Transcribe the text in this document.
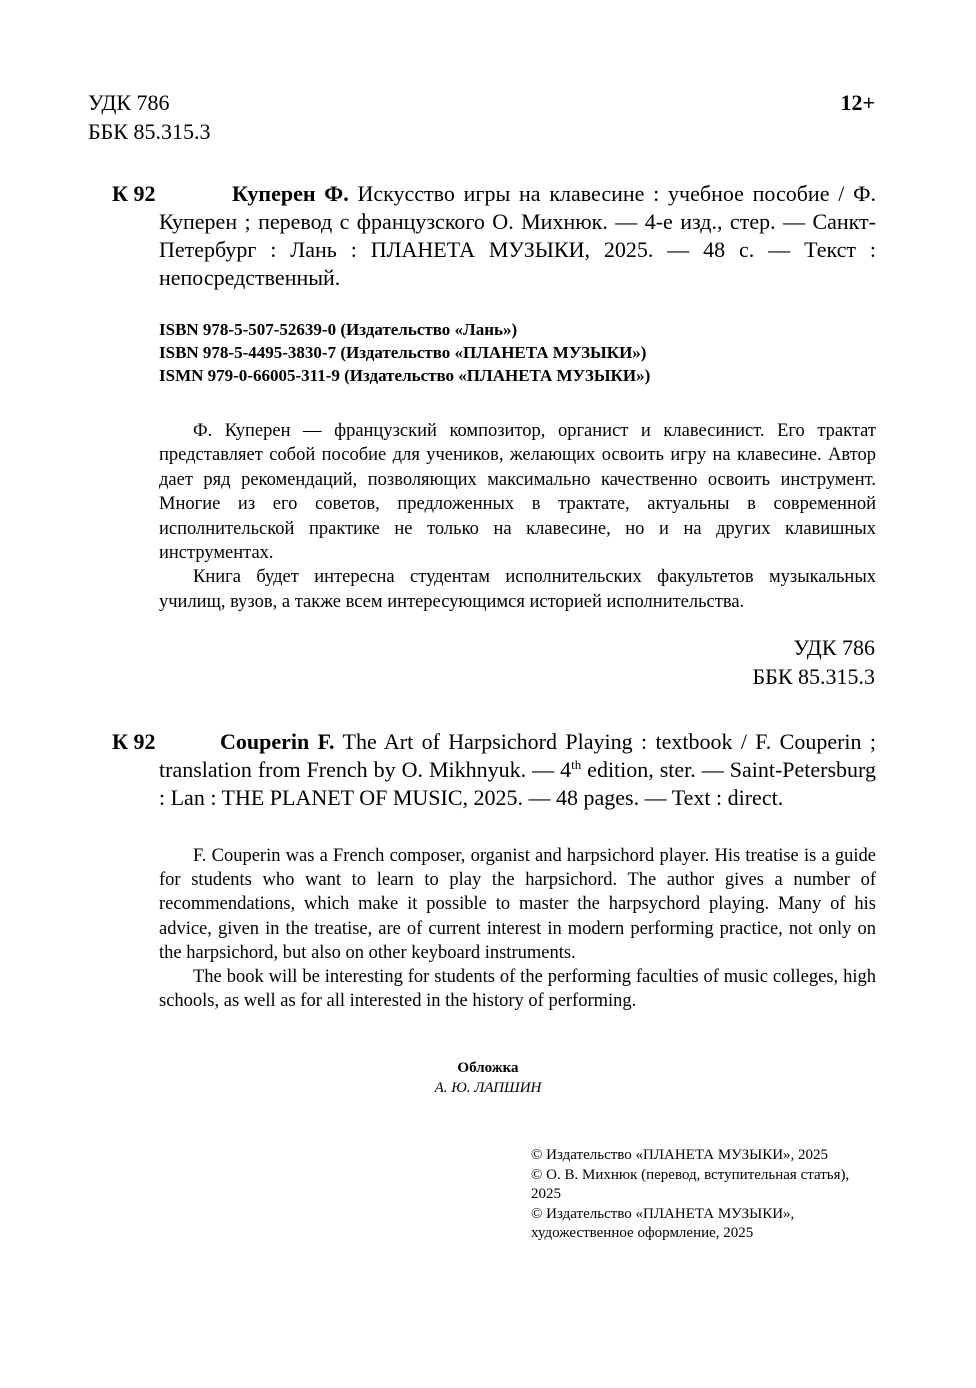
УДК 786
ББК 85.315.3
12+
К 92	Куперен Ф. Искусство игры на клавесине : учебное пособие / Ф. Куперен ; перевод с французского О. Михнюк. — 4-е изд., стер. — Санкт-Петербург : Лань : ПЛАНЕТА МУЗЫКИ, 2025. — 48 с. — Текст : непосредственный.
ISBN 978-5-507-52639-0 (Издательство «Лань»)
ISBN 978-5-4495-3830-7 (Издательство «ПЛАНЕТА МУЗЫКИ»)
ISMN 979-0-66005-311-9 (Издательство «ПЛАНЕТА МУЗЫКИ»)

Ф. Куперен — французский композитор, органист и клавесинист. Его трактат представляет собой пособие для учеников, желающих освоить игру на клавесине. Автор дает ряд рекомендаций, позволяющих максимально качественно освоить инструмент. Многие из его советов, предложенных в трактате, актуальны в современной исполнительской практике не только на клавесине, но и на других клавишных инструментах.

Книга будет интересна студентам исполнительских факультетов музыкальных училищ, вузов, а также всем интересующимся историей исполнительства.

УДК 786
ББК 85.315.3
К 92	Couperin F. The Art of Harpsichord Playing : textbook / F. Couperin ; translation from French by O. Mikhnyuk. — 4th edition, ster. — Saint-Petersburg : Lan : THE PLANET OF MUSIC, 2025. — 48 pages. — Text : direct.

F. Couperin was a French composer, organist and harpsichord player. His treatise is a guide for students who want to learn to play the harpsichord. The author gives a number of recommendations, which make it possible to master the harpsychord playing. Many of his advice, given in the treatise, are of current interest in modern performing practice, not only on the harpsichord, but also on other keyboard instruments.

The book will be interesting for students of the performing faculties of music colleges, high schools, as well as for all interested in the history of performing.

Обложка
А. Ю. ЛАПШИН
© Издательство «ПЛАНЕТА МУЗЫКИ», 2025
© О. В. Михнюк (перевод, вступительная статья), 2025
© Издательство «ПЛАНЕТА МУЗЫКИ», художественное оформление, 2025
